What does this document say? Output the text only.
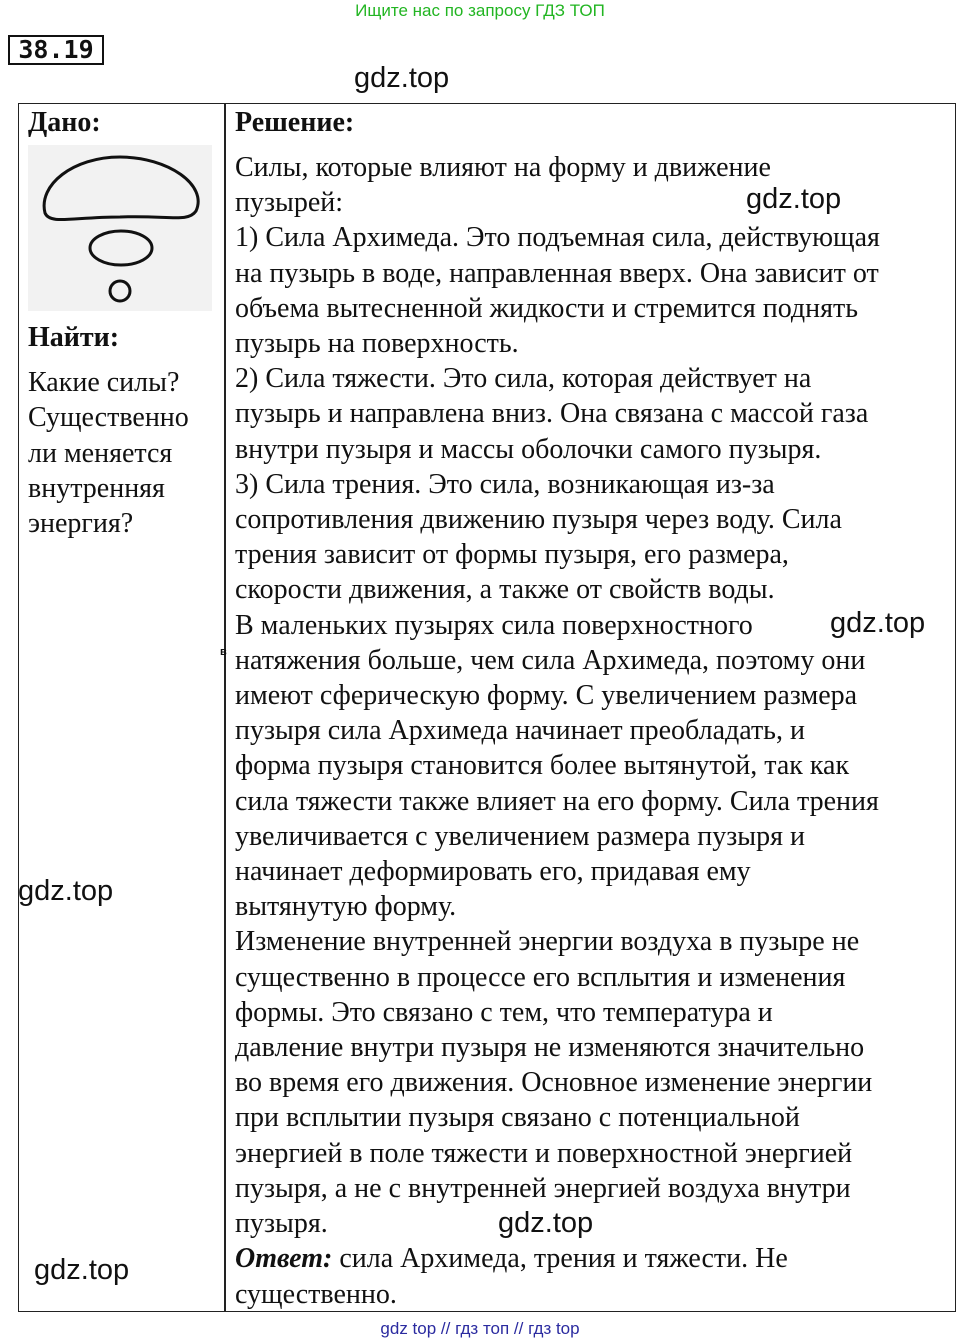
Ищите нас по запросу ГДЗ ТОП
38.19
gdz.top
Дано:
Найти:
Какие силы?
Существенно
ли меняется
внутренняя
энергия?
gdz.top
gdz.top
в
Решение:
Силы, которые влияют на форму и движение
пузырей:
1) Сила Архимеда. Это подъемная сила, действующая
на пузырь в воде, направленная вверх. Она зависит от
объема вытесненной жидкости и стремится поднять
пузырь на поверхность.
2) Сила тяжести. Это сила, которая действует на
пузырь и направлена вниз. Она связана с массой газа
внутри пузыря и массы оболочки самого пузыря.
3) Сила трения. Это сила, возникающая из-за
сопротивления движению пузыря через воду. Сила
трения зависит от формы пузыря, его размера,
скорости движения, а также от свойств воды.
В маленьких пузырях сила поверхностного
натяжения больше, чем сила Архимеда, поэтому они
имеют сферическую форму. С увеличением размера
пузыря сила Архимеда начинает преобладать, и
форма пузыря становится более вытянутой, так как
сила тяжести также влияет на его форму. Сила трения
увеличивается с увеличением размера пузыря и
начинает деформировать его, придавая ему
вытянутую форму.
Изменение внутренней энергии воздуха в пузыре не
существенно в процессе его всплытия и изменения
формы. Это связано с тем, что температура и
давление внутри пузыря не изменяются значительно
во время его движения. Основное изменение энергии
при всплытии пузыря связано с потенциальной
энергией в поле тяжести и поверхностной энергией
пузыря, а не с внутренней энергией воздуха внутри
пузыря.
Ответ: сила Архимеда, трения и тяжести. Не
существенно.
gdz.top
gdz.top
gdz.top
gdz top // гдз топ // гдз top
